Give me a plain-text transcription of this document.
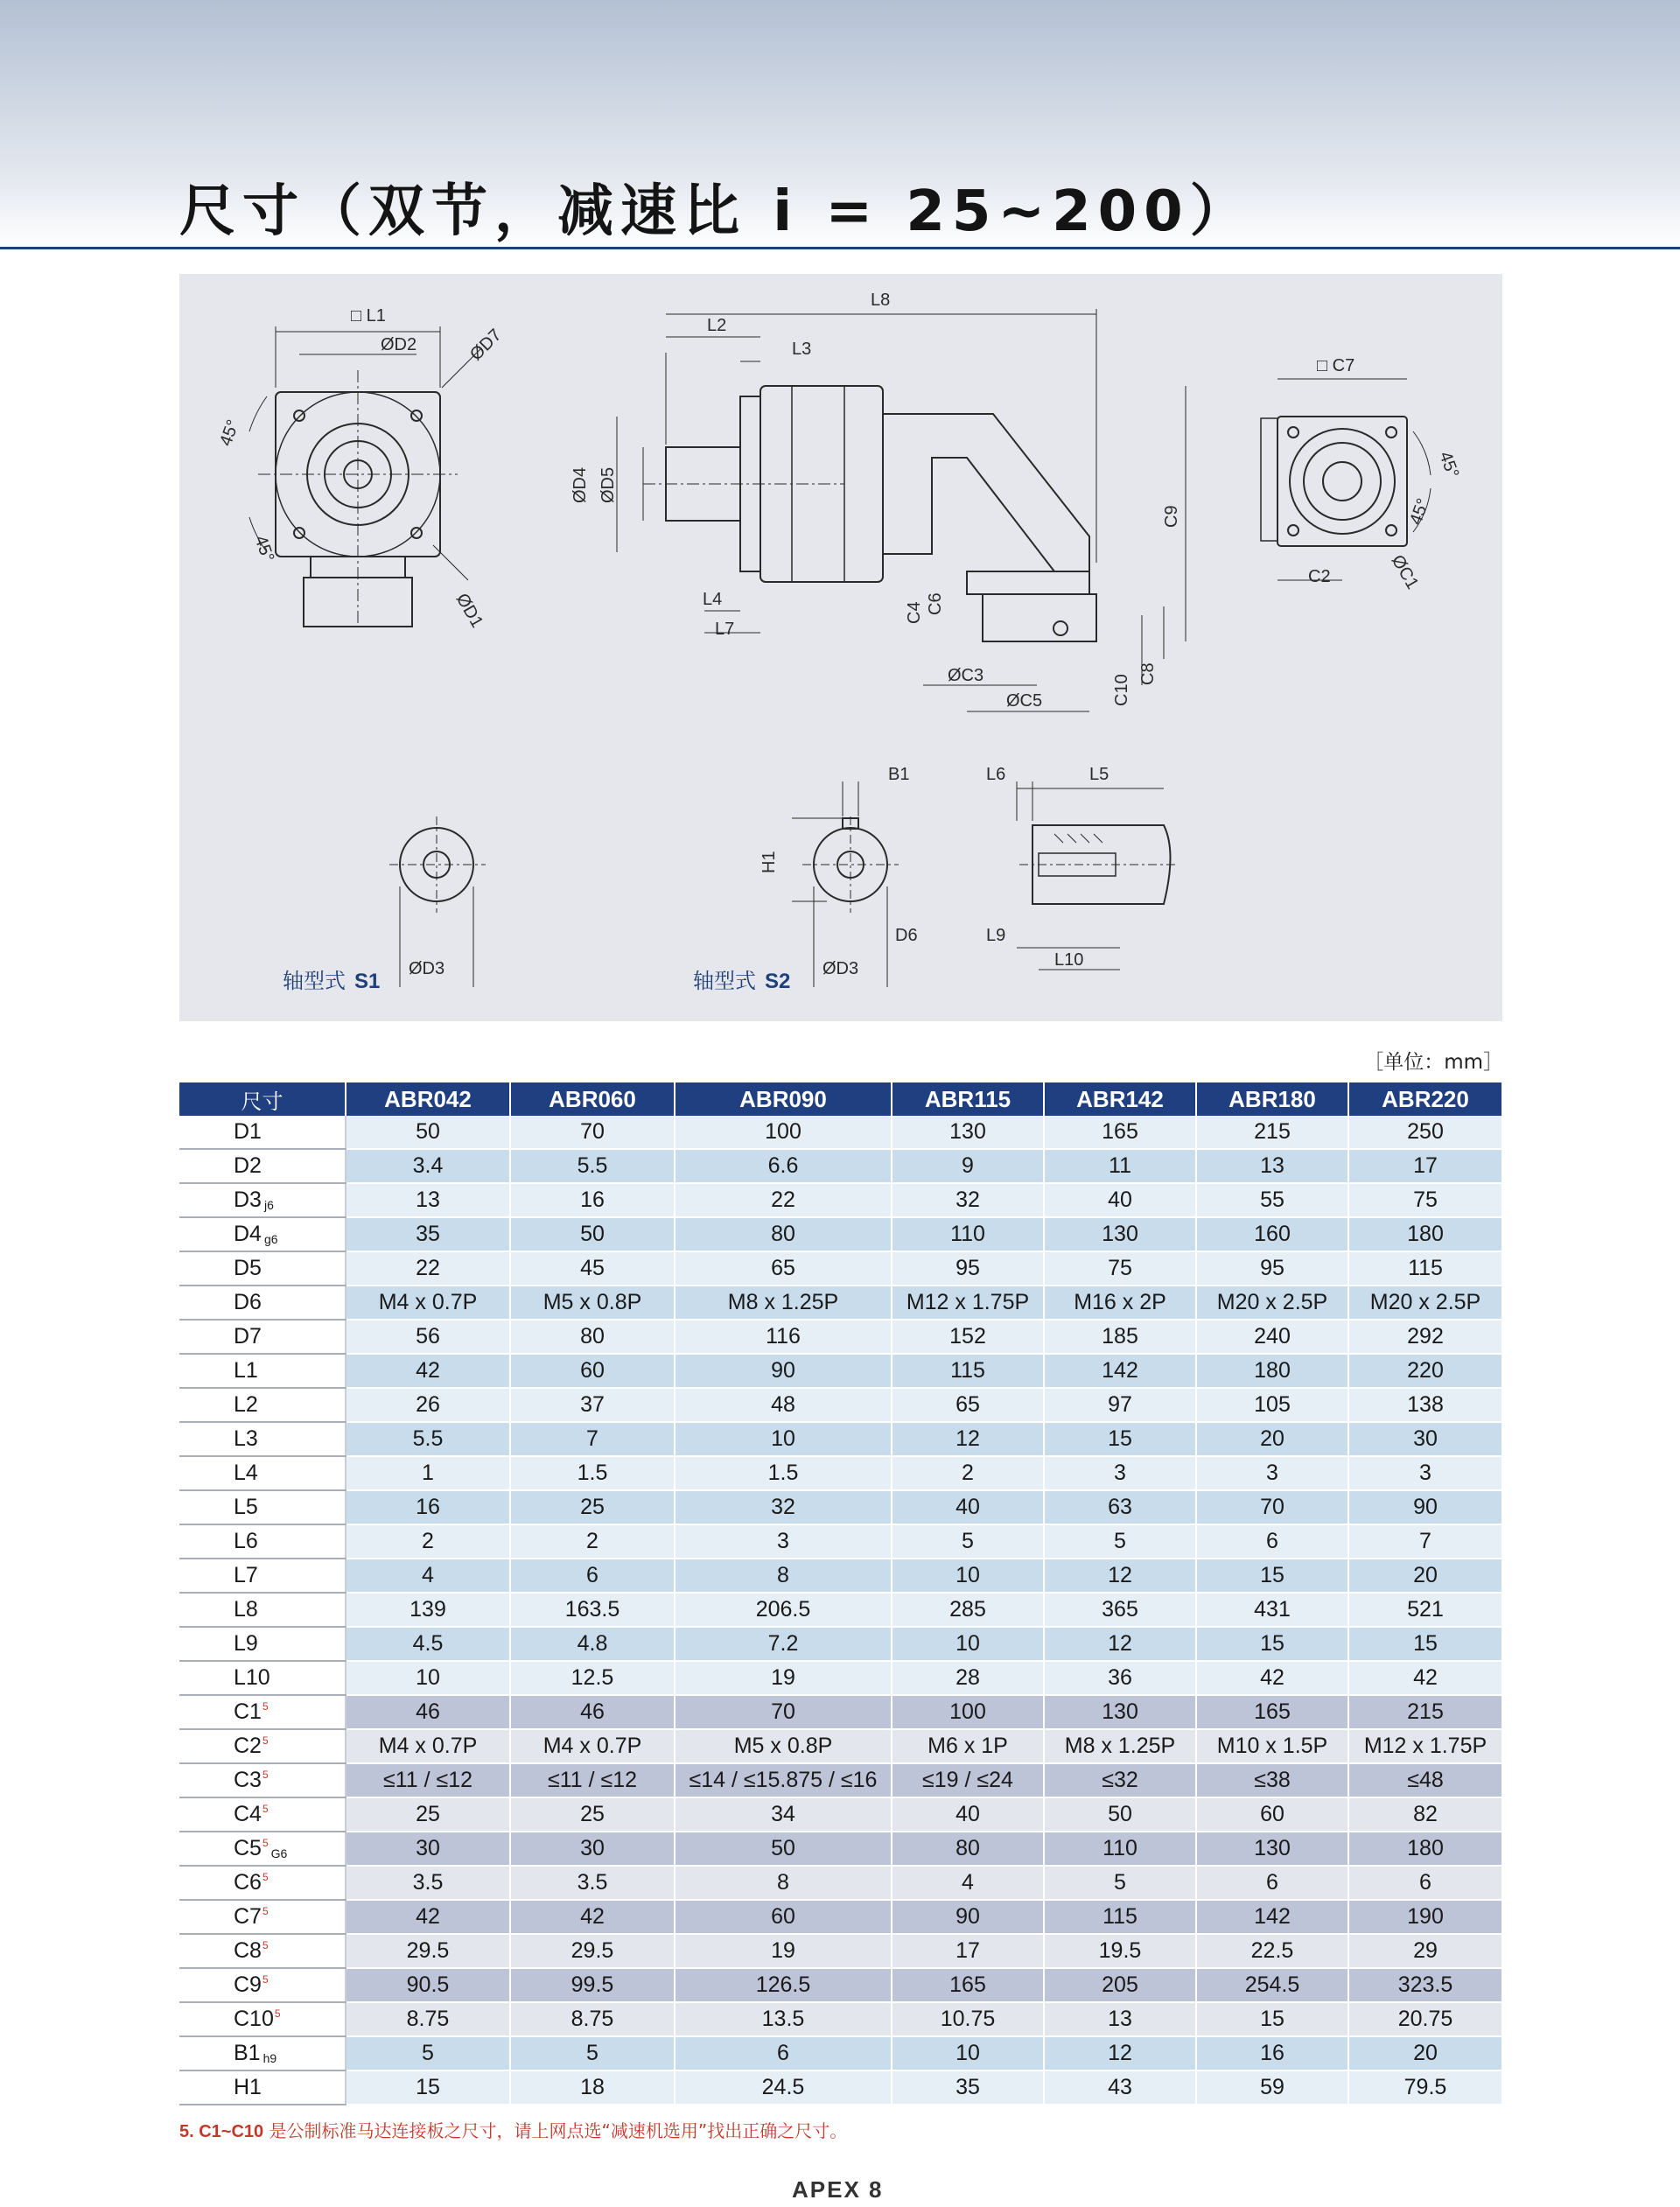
尺寸（双节，减速比 i = 25~200）
□ L1
ØD2	ØD7
45°
45°
ØD1
L8
L2
L3
ØD4 ØD5
L4
L7
C4 C6
ØC3
ØC5	C10
C8
C9
□ C7
C2
45°
45°
ØC1
ØD3
B1
H1
D6
ØD3
L6	L5
L9
L10
轴型式 S1	轴型式 S2
［单位：mm］
尺寸	ABR042	ABR060	ABR090	ABR115	ABR142	ABR180	ABR220
D1	50	70	100	130	165	215	250
D2	3.4	5.5	6.6	9	11	13	17
D3 $_{j6}$	13	16	22	32	40	55	75
D4 $_{g6}$	35	50	80	110	130	160	180
D5	22	45	65	95	75	95	115
D6	M4 x 0.7P	M5 x 0.8P	M8 x 1.25P	M12 x 1.75P	M16 x 2P	M20 x 2.5P	M20 x 2.5P
D7	56	80	116	152	185	240	292
L1	42	60	90	115	142	180	220
L2	26	37	48	65	97	105	138
L3	5.5	7	10	12	15	20	30
L4	1	1.5	1.5	2	3	3	3
L5	16	25	32	40	63	70	90
L6	2	2	3	5	5	6	7
L7	4	6	8	10	12	15	20
L8	139	163.5	206.5	285	365	431	521
L9	4.5	4.8	7.2	10	12	15	15
L10	10	12.5	19	28	36	42	42
$C1^5$	46	46	70	100	130	165	215
$C2^5$	M4 x 0.7P	M4 x 0.7P	M5 x 0.8P	M6 x 1P	M8 x 1.25P	M10 x 1.5P	M12 x 1.75P
$C3^5$	≤11 / ≤12	≤11 / ≤12	≤14 / ≤15.875 / ≤16	≤19 / ≤24	≤32	≤38	≤48
$C4^5$	25	25	34	40	50	60	82
$C5^5_{G6}$	30	30	50	80	110	130	180
$C6^5$	3.5	3.5	8	4	5	6	6
$C7^5$	42	42	60	90	115	142	190
$C8^5$	29.5	29.5	19	17	19.5	22.5	29
$C9^5$	90.5	99.5	126.5	165	205	254.5	323.5
$C10^5$	8.75	8.75	13.5	10.75	13	15	20.75
B1 $_{h9}$	5	5	6	10	12	16	20
H1	15	18	24.5	35	43	59	79.5
5. C1~C10 是公制标准马达连接板之尺寸，请上网点选“减速机选用”找出正确之尺寸。
APEX 8
